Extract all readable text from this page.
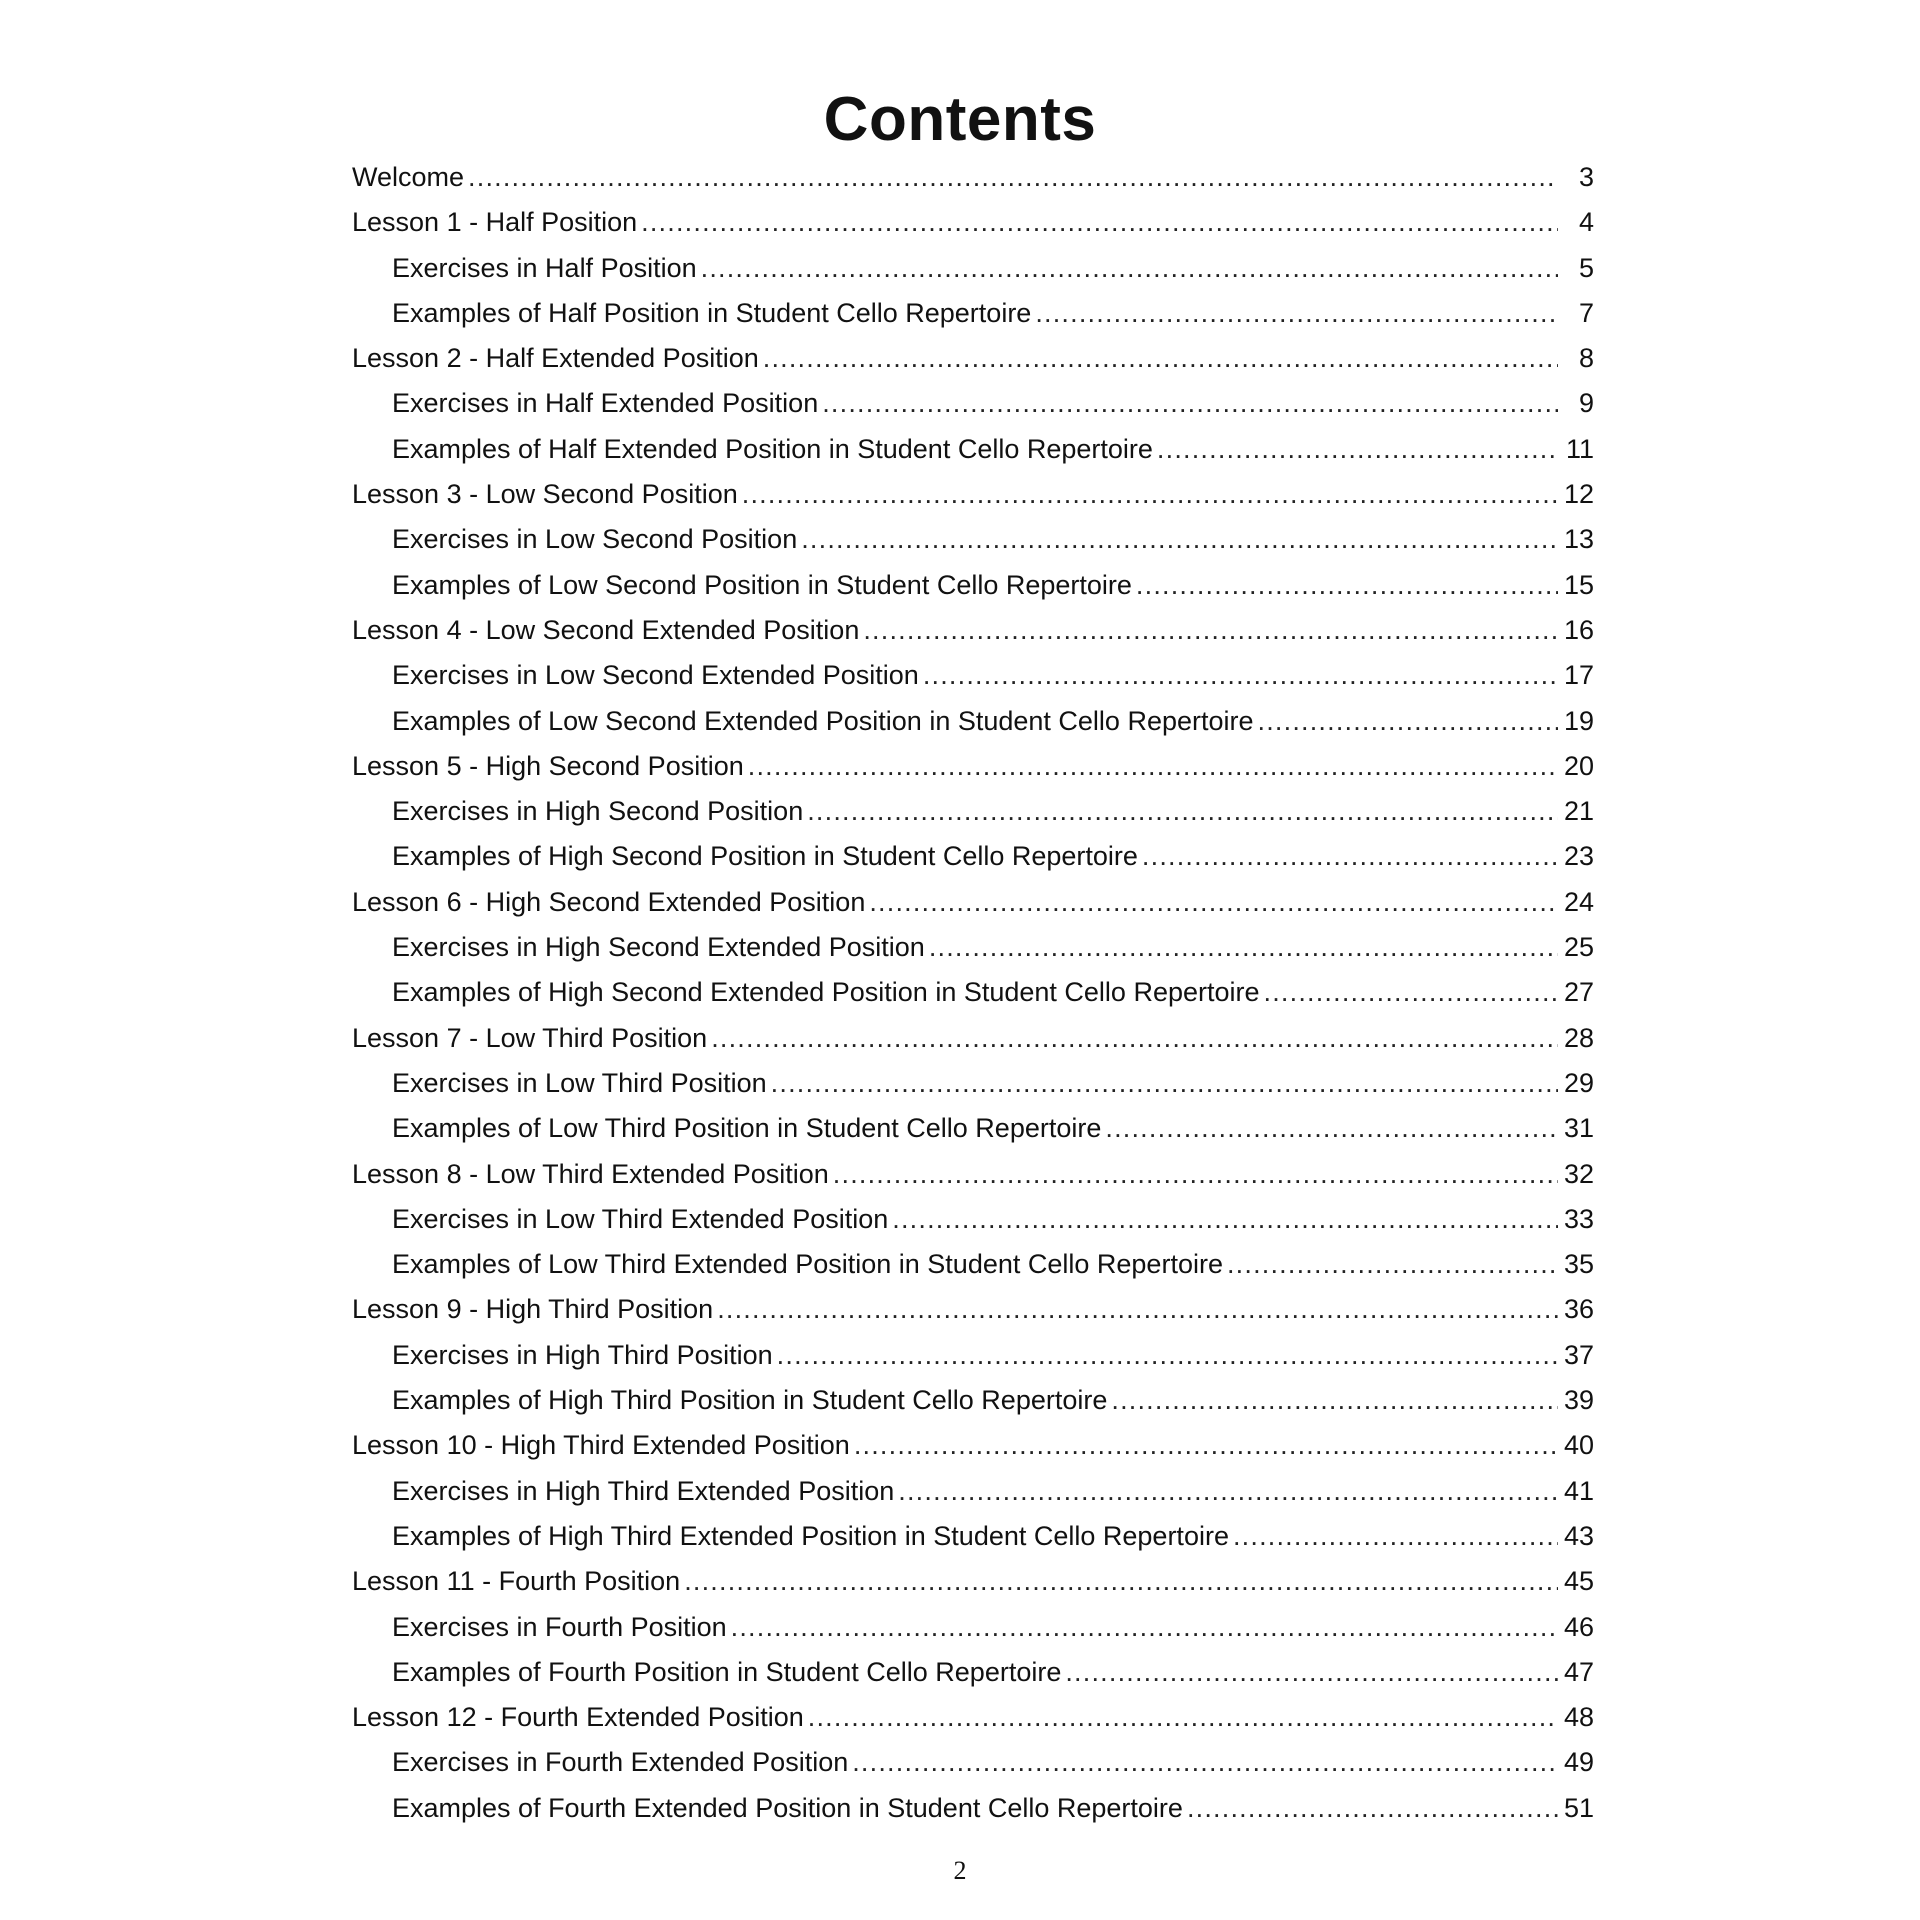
Contents
Welcome .....	3
Lesson 1 - Half Position .....	4
Exercises in Half Position .....	5
Examples of Half Position in Student Cello Repertoire .....	7
Lesson 2 - Half Extended Position .....	8
Exercises in Half Extended Position .....	9
Examples of Half Extended Position in Student Cello Repertoire .....	11
Lesson 3 - Low Second Position .....	12
Exercises in Low Second Position .....	13
Examples of Low Second Position in Student Cello Repertoire .....	15
Lesson 4 - Low Second Extended Position .....	16
Exercises in Low Second Extended Position .....	17
Examples of Low Second Extended Position in Student Cello Repertoire .....	19
Lesson 5 - High Second Position .....	20
Exercises in High Second Position .....	21
Examples of High Second Position in Student Cello Repertoire .....	23
Lesson 6 - High Second Extended Position .....	24
Exercises in High Second Extended Position .....	25
Examples of High Second Extended Position in Student Cello Repertoire .....	27
Lesson 7 - Low Third Position .....	28
Exercises in Low Third Position .....	29
Examples of Low Third Position in Student Cello Repertoire .....	31
Lesson 8 - Low Third Extended Position .....	32
Exercises in Low Third Extended Position .....	33
Examples of Low Third Extended Position in Student Cello Repertoire .....	35
Lesson 9 - High Third Position .....	36
Exercises in High Third Position .....	37
Examples of High Third Position in Student Cello Repertoire .....	39
Lesson 10 - High Third Extended Position .....	40
Exercises in High Third Extended Position .....	41
Examples of High Third Extended Position in Student Cello Repertoire .....	43
Lesson 11 - Fourth Position .....	45
Exercises in Fourth Position .....	46
Examples of Fourth Position in Student Cello Repertoire .....	47
Lesson 12 - Fourth Extended Position .....	48
Exercises in Fourth Extended Position .....	49
Examples of Fourth Extended Position in Student Cello Repertoire .....	51
2
